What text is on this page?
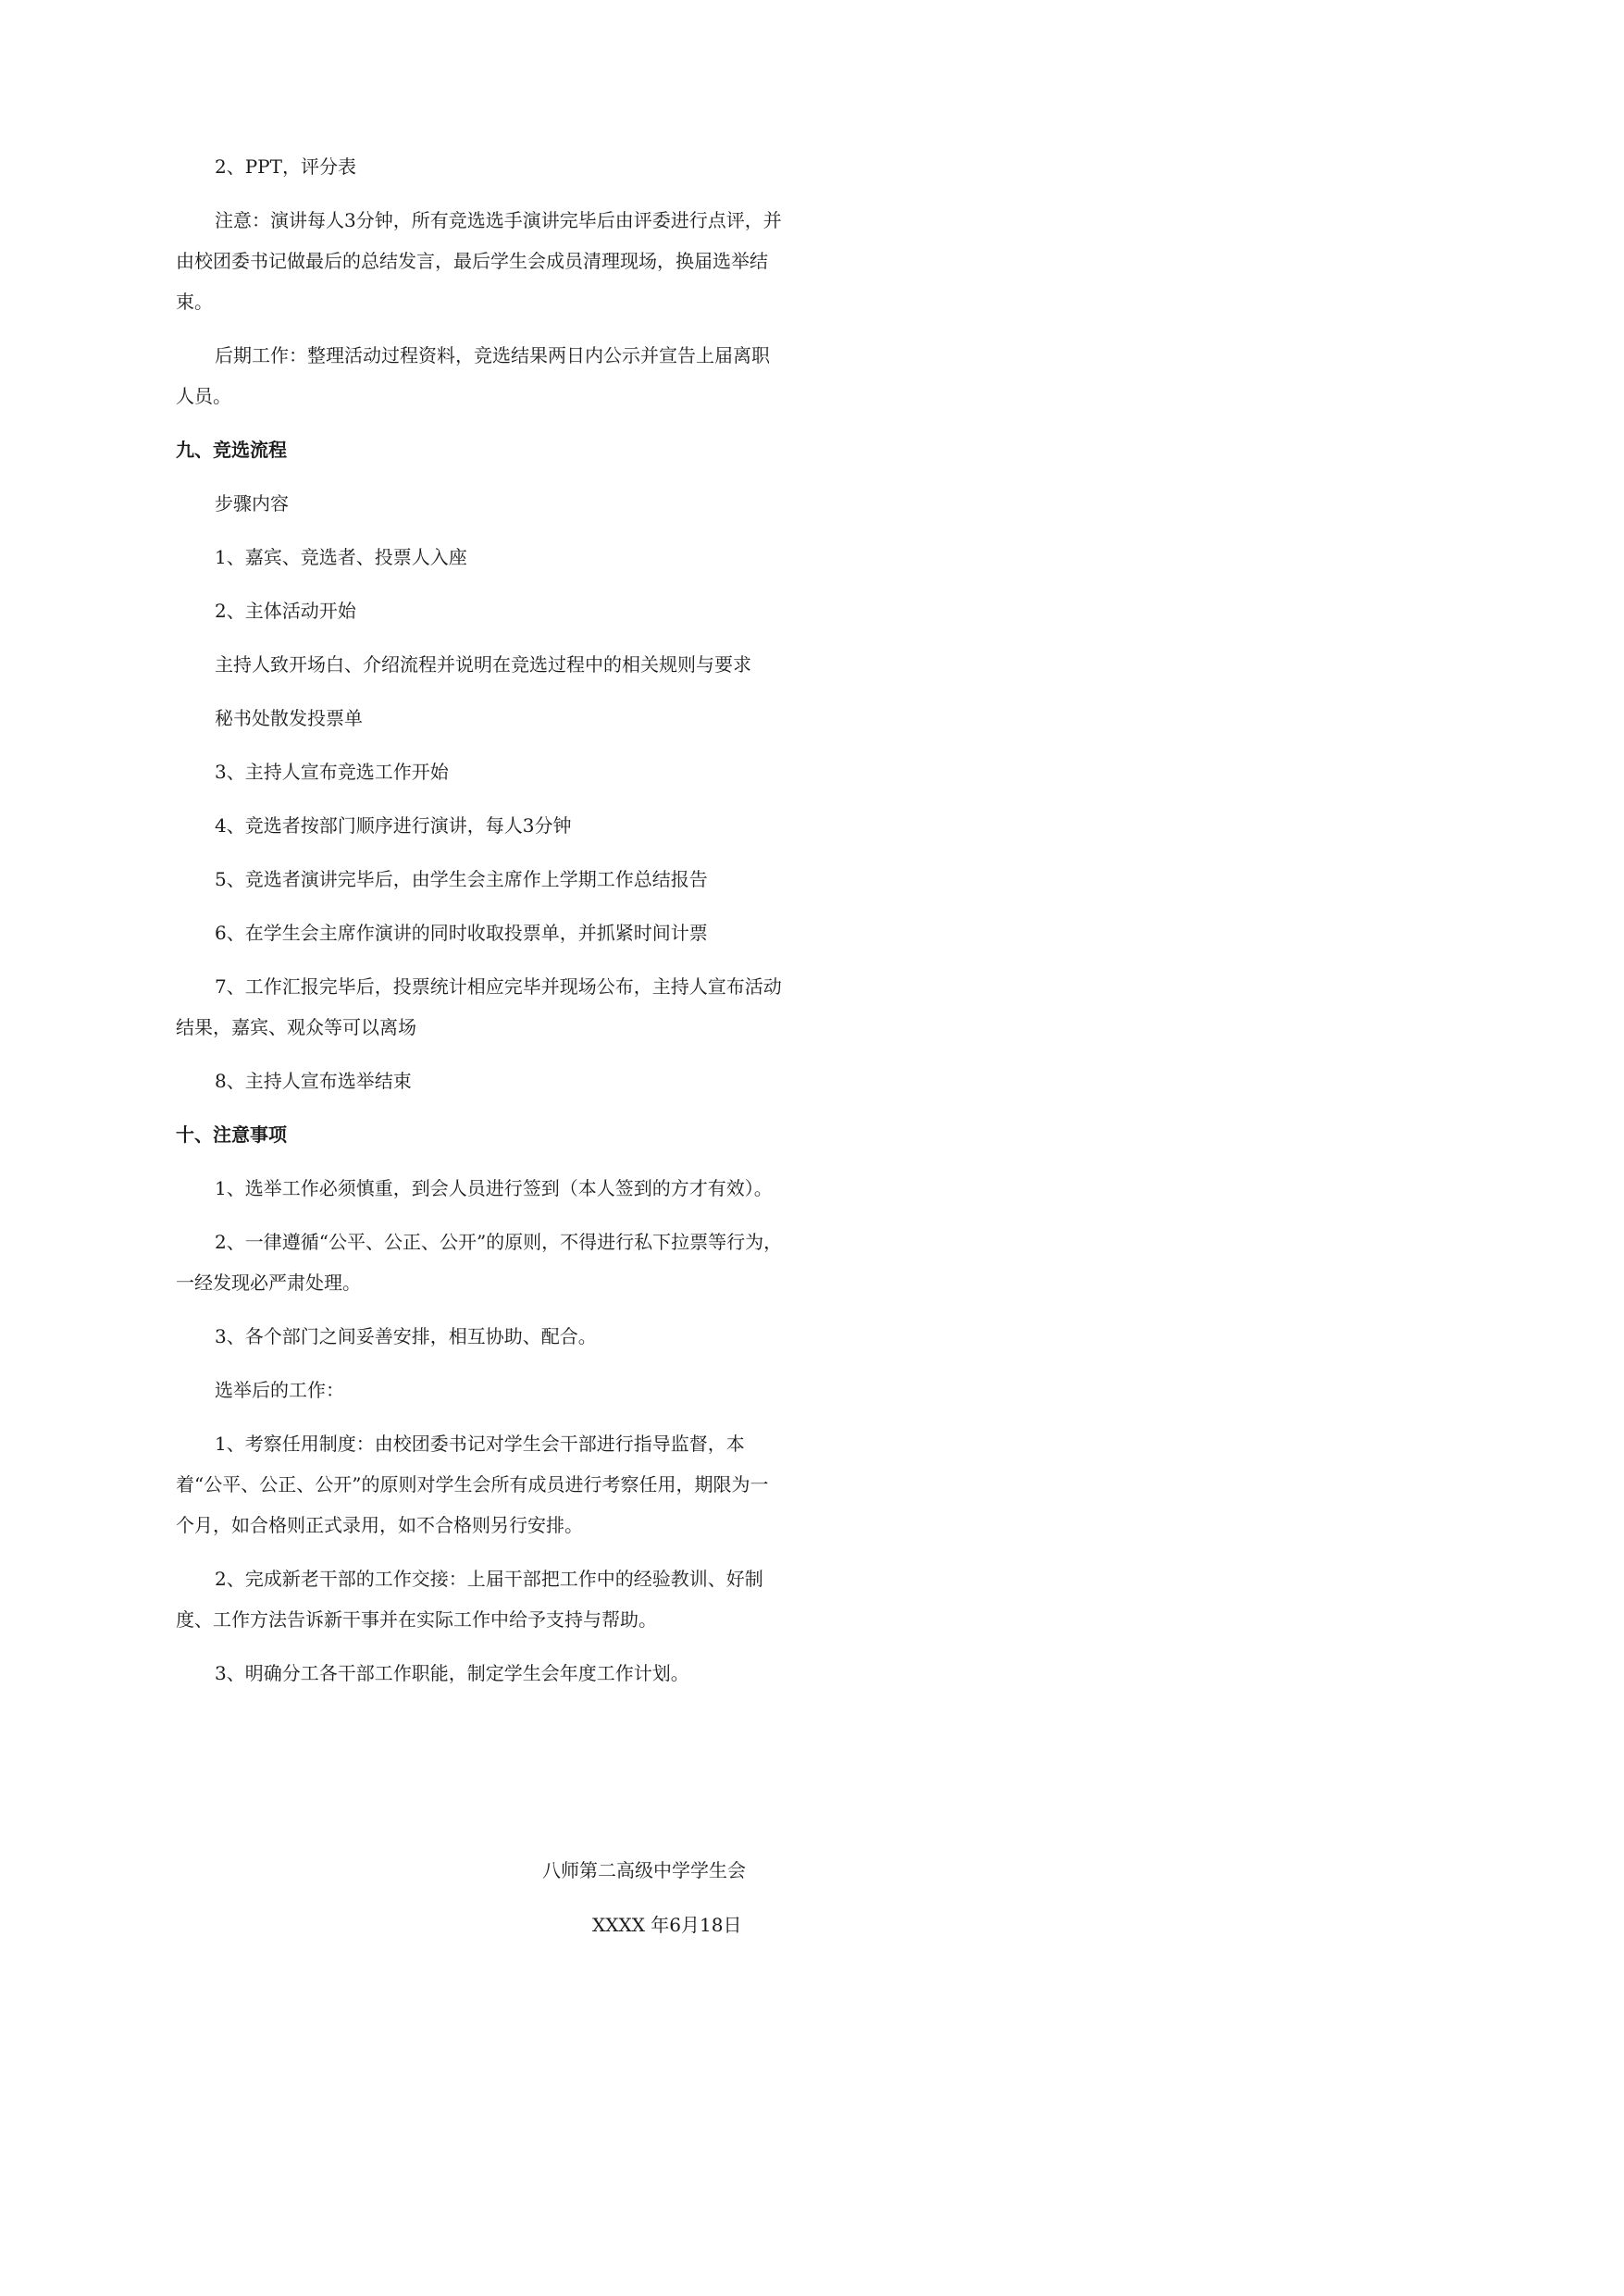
2、PPT，评分表

注意：演讲每人3分钟，所有竞选选手演讲完毕后由评委进行点评，并由校团委书记做最后的总结发言，最后学生会成员清理现场，换届选举结束。

后期工作：整理活动过程资料，竞选结果两日内公示并宣告上届离职人员。

九、竞选流程

步骤内容

1、嘉宾、竞选者、投票人入座

2、主体活动开始

主持人致开场白、介绍流程并说明在竞选过程中的相关规则与要求

秘书处散发投票单

3、主持人宣布竞选工作开始

4、竞选者按部门顺序进行演讲，每人3分钟

5、竞选者演讲完毕后，由学生会主席作上学期工作总结报告

6、在学生会主席作演讲的同时收取投票单，并抓紧时间计票

7、工作汇报完毕后，投票统计相应完毕并现场公布，主持人宣布活动结果，嘉宾、观众等可以离场

8、主持人宣布选举结束

十、注意事项

1、选举工作必须慎重，到会人员进行签到（本人签到的方才有效）。

2、一律遵循“公平、公正、公开”的原则，不得进行私下拉票等行为，一经发现必严肃处理。

3、各个部门之间妥善安排，相互协助、配合。

选举后的工作：

1、考察任用制度：由校团委书记对学生会干部进行指导监督，本着“公平、公正、公开”的原则对学生会所有成员进行考察任用，期限为一个月，如合格则正式录用，如不合格则另行安排。

2、完成新老干部的工作交接：上届干部把工作中的经验教训、好制度、工作方法告诉新干事并在实际工作中给予支持与帮助。

3、明确分工各干部工作职能，制定学生会年度工作计划。

八师第二高级中学学生会
XXXX 年6月18日
